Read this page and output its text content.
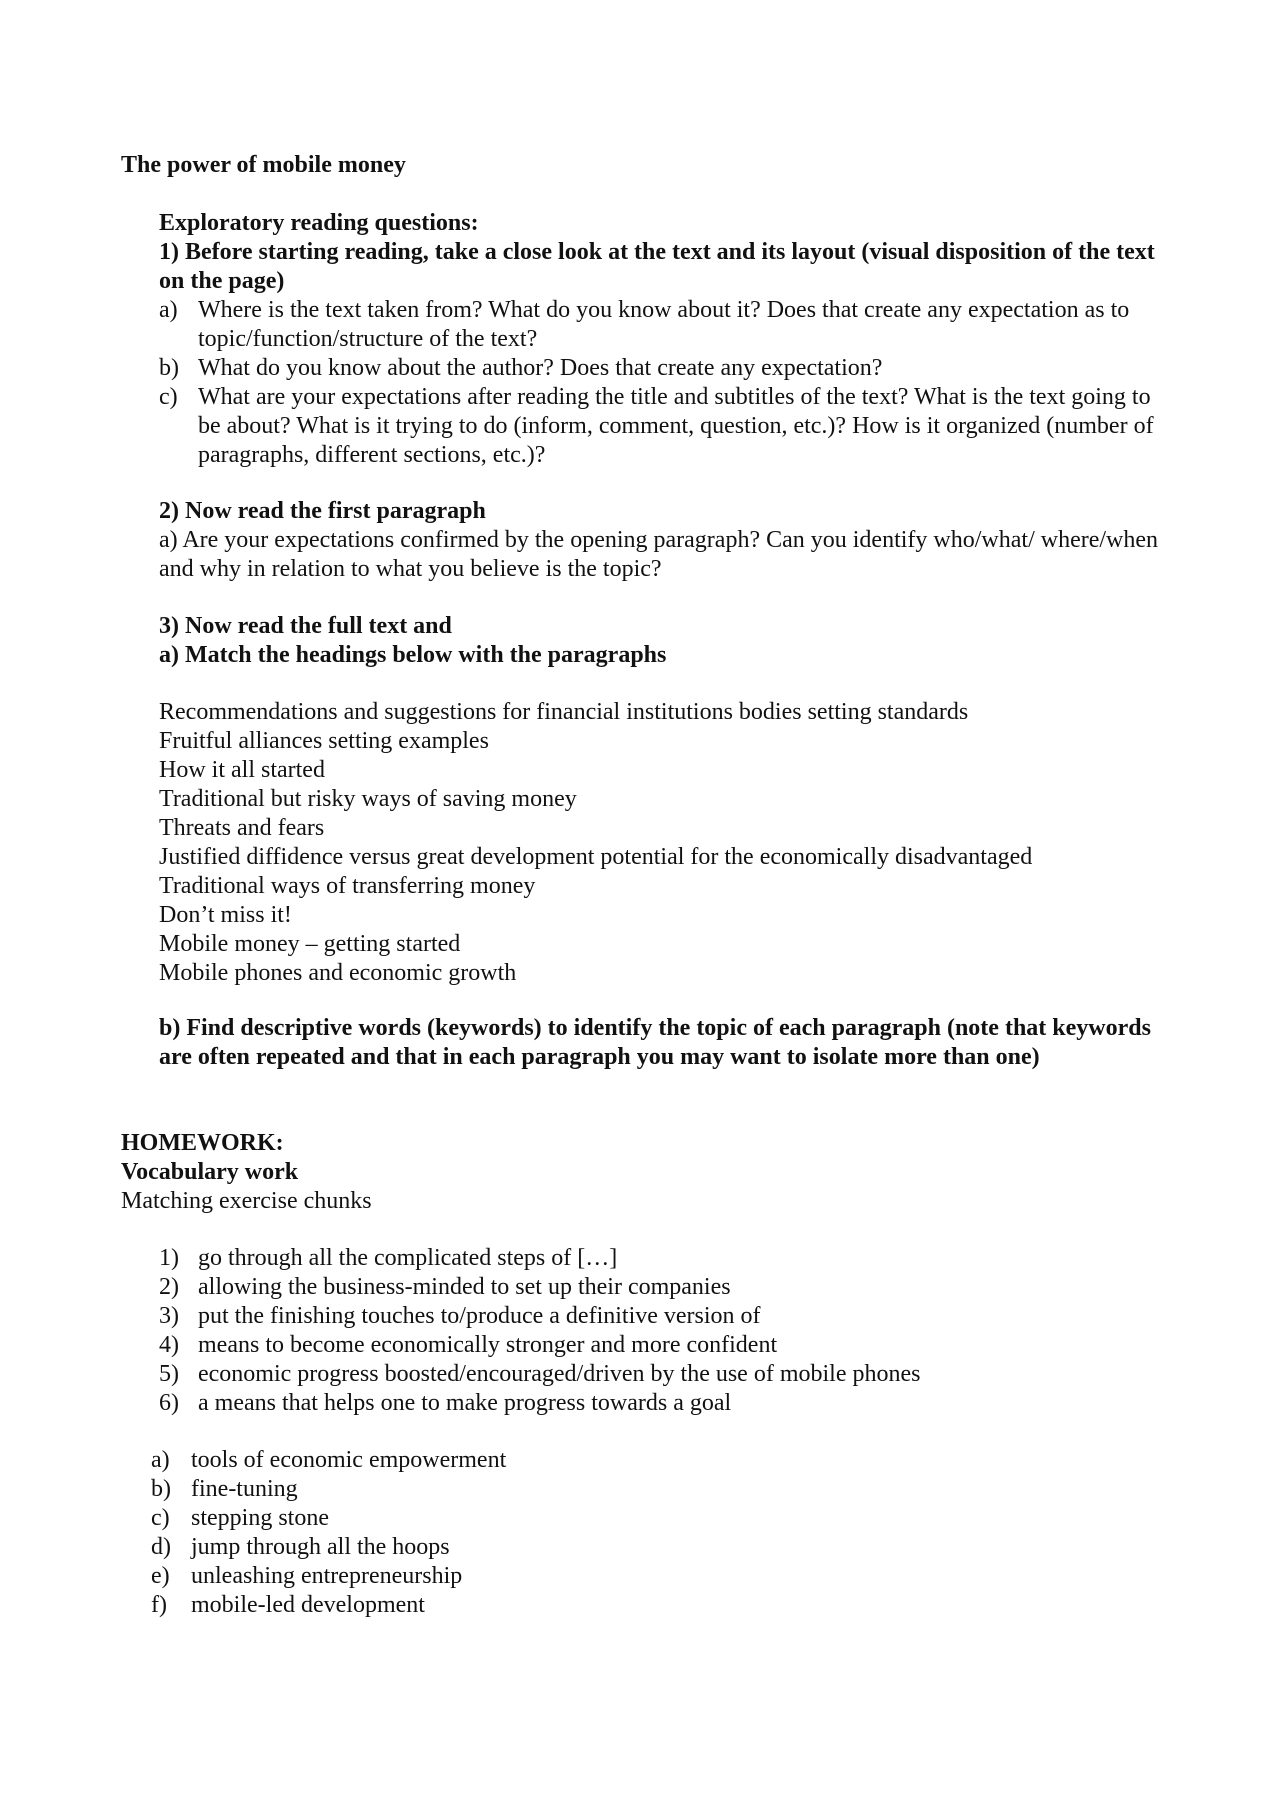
The power of mobile money
Exploratory reading questions:
1) Before starting reading, take a close look at the text and its layout (visual disposition of the text on the page)
a) Where is the text taken from? What do you know about it? Does that create any expectation as to topic/function/structure of the text?
b) What do you know about the author? Does that create any expectation?
c) What are your expectations after reading the title and subtitles of the text? What is the text going to be about? What is it trying to do (inform, comment, question, etc.)? How is it organized (number of paragraphs, different sections, etc.)?
2) Now read the first paragraph
a) Are your expectations confirmed by the opening paragraph? Can you identify who/what/ where/when and why in relation to what you believe is the topic?
3) Now read the full text and
a) Match the headings below with the paragraphs
Recommendations and suggestions for financial institutions bodies setting standards
Fruitful alliances setting examples
How it all started
Traditional but risky ways of saving money
Threats and fears
Justified diffidence versus great development potential for the economically disadvantaged
Traditional ways of transferring money
Don’t miss it!
Mobile money – getting started
Mobile phones and economic growth
b) Find descriptive words (keywords) to identify the topic of each paragraph (note that keywords are often repeated and that in each paragraph you may want to isolate more than one)
HOMEWORK:
Vocabulary work
Matching exercise chunks
1) go through all the complicated steps of […]
2) allowing the business-minded to set up their companies
3) put the finishing touches to/produce a definitive version of
4) means to become economically stronger and more confident
5) economic progress boosted/encouraged/driven by the use of mobile phones
6) a means that helps one to make progress towards a goal
a) tools of economic empowerment
b) fine-tuning
c) stepping stone
d) jump through all the hoops
e) unleashing entrepreneurship
f) mobile-led development
